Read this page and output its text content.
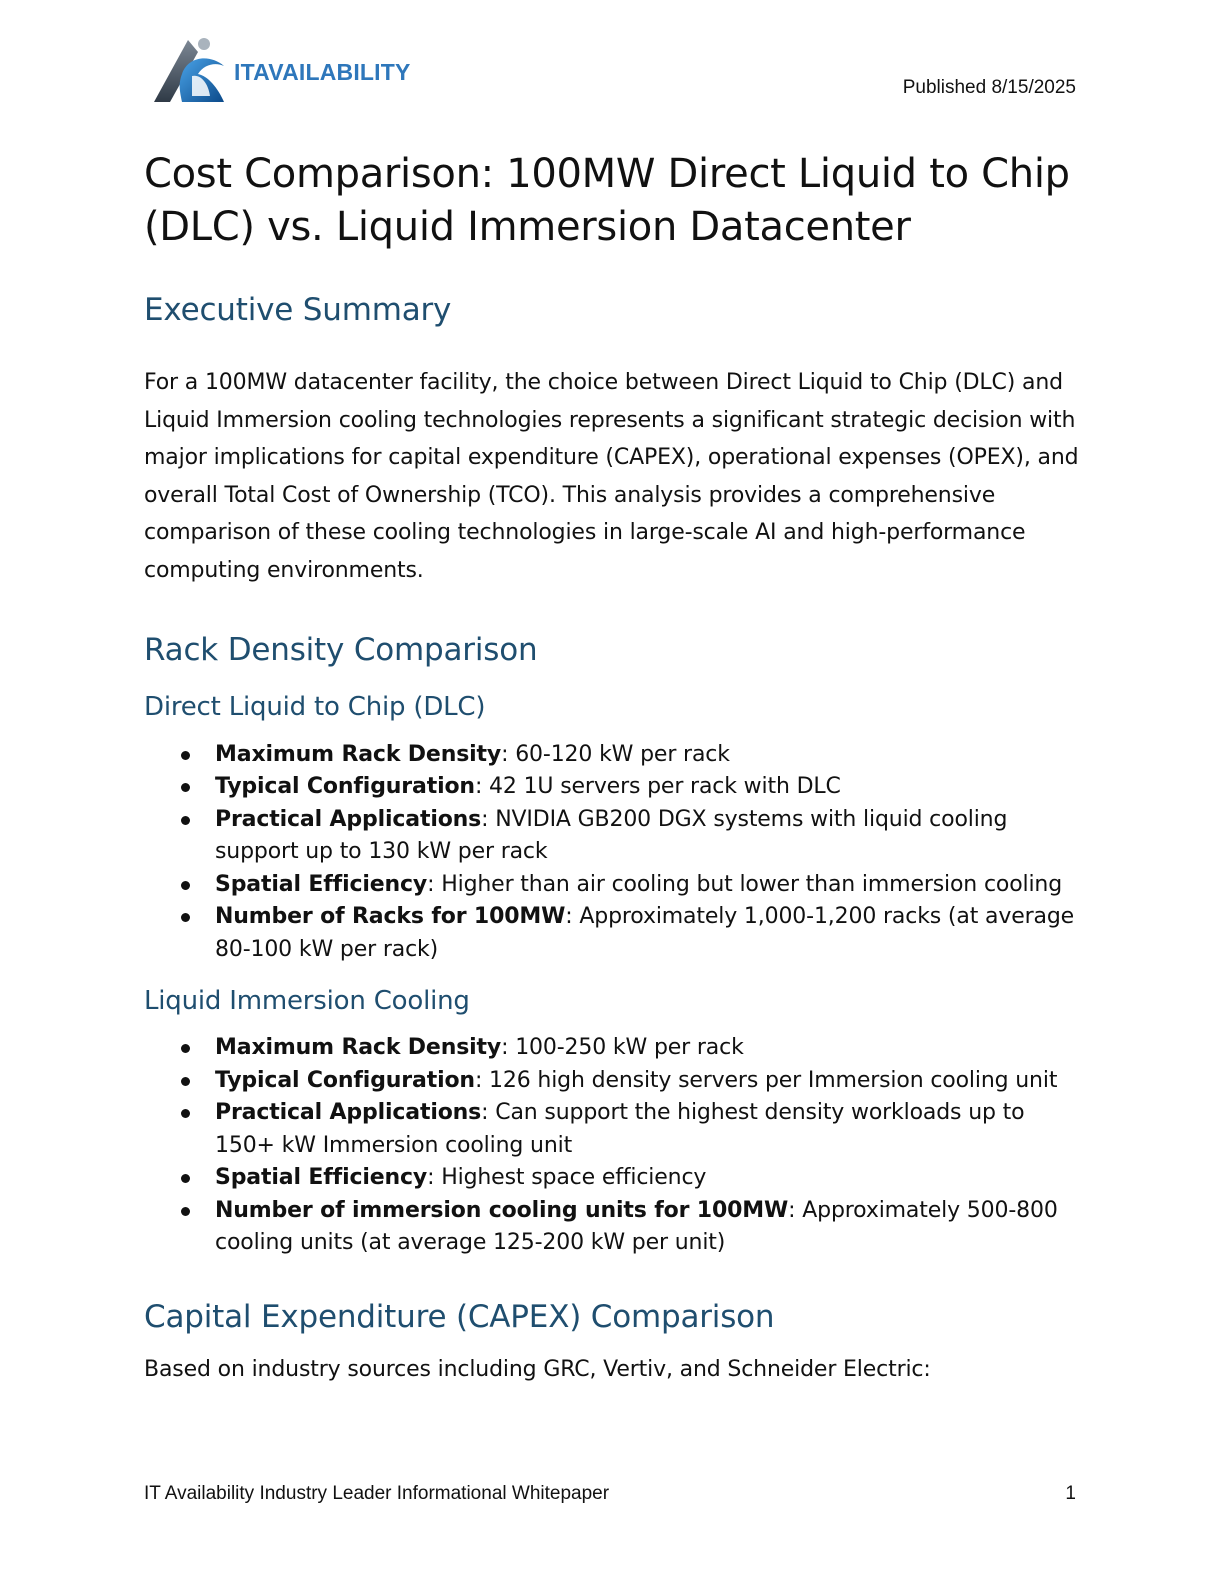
ITAVAILABILITY
Published 8/15/2025
Cost Comparison: 100MW Direct Liquid to Chip (DLC) vs. Liquid Immersion Datacenter
Executive Summary

For a 100MW datacenter facility, the choice between Direct Liquid to Chip (DLC) and Liquid Immersion cooling technologies represents a significant strategic decision with major implications for capital expenditure (CAPEX), operational expenses (OPEX), and overall Total Cost of Ownership (TCO). This analysis provides a comprehensive comparison of these cooling technologies in large-scale AI and high-performance computing environments.

Rack Density Comparison
Direct Liquid to Chip (DLC)
Maximum Rack Density: 60-120 kW per rack
Typical Configuration: 42 1U servers per rack with DLC
Practical Applications: NVIDIA GB200 DGX systems with liquid cooling support up to 130 kW per rack
Spatial Efficiency: Higher than air cooling but lower than immersion cooling
Number of Racks for 100MW: Approximately 1,000-1,200 racks (at average 80-100 kW per rack)
Liquid Immersion Cooling
Maximum Rack Density: 100-250 kW per rack
Typical Configuration: 126 high density servers per Immersion cooling unit
Practical Applications: Can support the highest density workloads up to 150+ kW Immersion cooling unit
Spatial Efficiency: Highest space efficiency
Number of immersion cooling units for 100MW: Approximately 500-800 cooling units (at average 125-200 kW per unit)
Capital Expenditure (CAPEX) Comparison

Based on industry sources including GRC, Vertiv, and Schneider Electric:

IT Availability Industry Leader Informational Whitepaper	1
